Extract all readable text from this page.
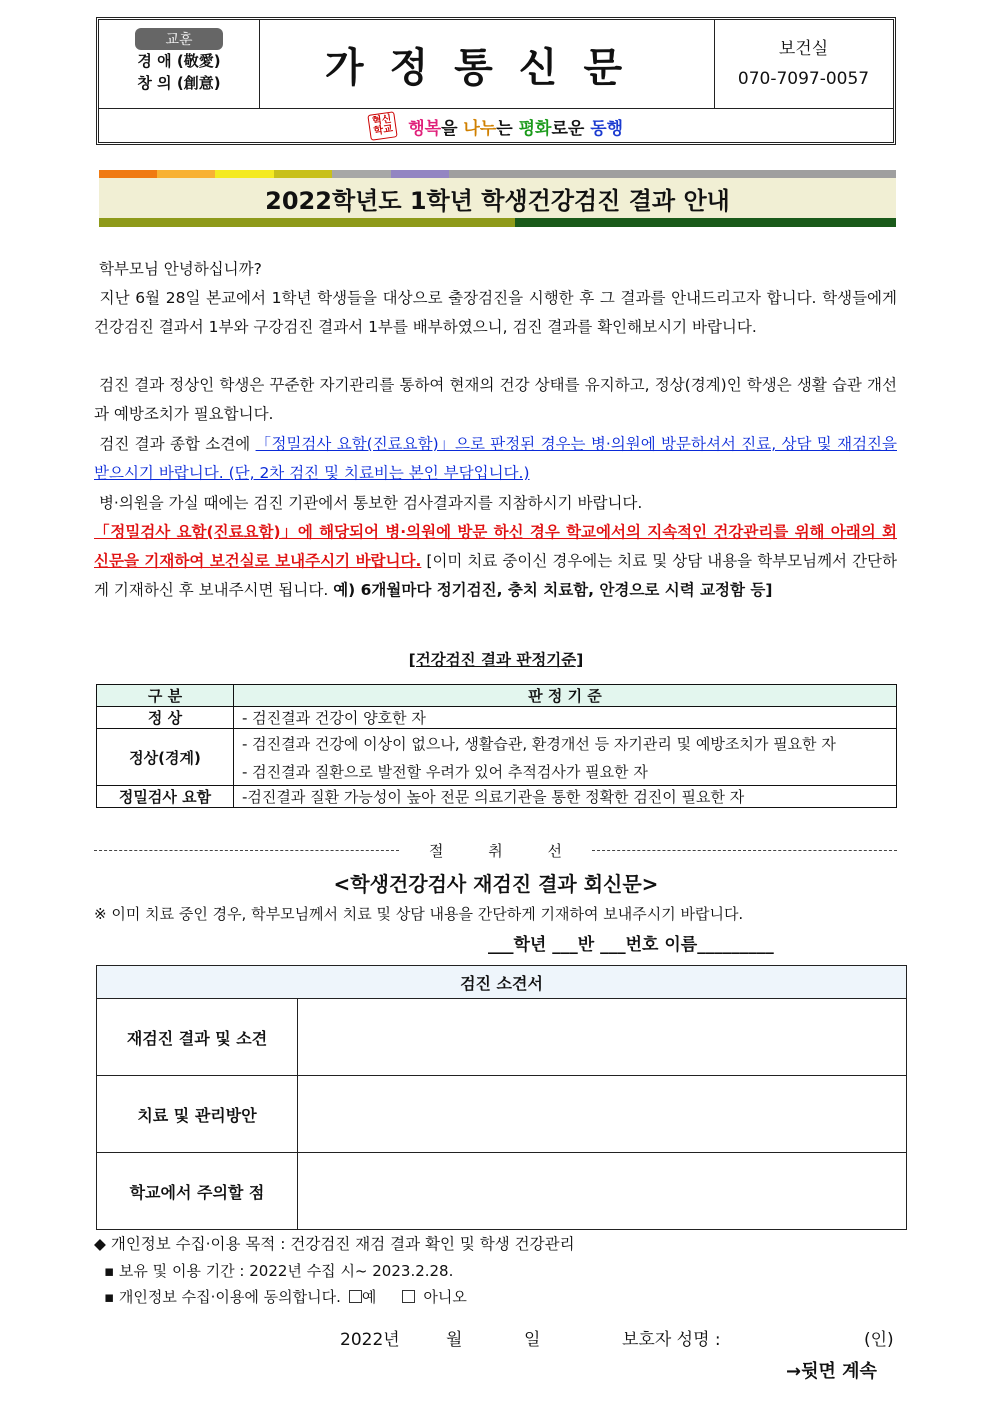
교훈
경 애 (敬愛)
창 의 (創意)	가정통신문	보건실
070-7097-0057
혁신
학교 행복을 나누는 평화로운 동행
2022학년도 1학년 학생건강검진 결과 안내
학부모님 안녕하십니까?
지난 6월 28일 본교에서 1학년 학생들을 대상으로 출장검진을 시행한 후 그 결과를 안내드리고자 합니다. 학생들에게 건강검진 결과서 1부와 구강검진 결과서 1부를 배부하였으니, 검진 결과를 확인해보시기 바랍니다.
검진 결과 정상인 학생은 꾸준한 자기관리를 통하여 현재의 건강 상태를 유지하고, 정상(경계)인 학생은 생활 습관 개선과 예방조치가 필요합니다.
검진 결과 종합 소견에 「정밀검사 요함(진료요함)」으로 판정된 경우는 병·의원에 방문하셔서 진료, 상담 및 재검진을 받으시기 바랍니다. (단, 2차 검진 및 치료비는 본인 부담입니다.)
병·의원을 가실 때에는 검진 기관에서 통보한 검사결과지를 지참하시기 바랍니다.
「정밀검사 요함(진료요함)」에 해당되어 병·의원에 방문 하신 경우 학교에서의 지속적인 건강관리를 위해 아래의 회신문을 기재하여 보건실로 보내주시기 바랍니다. [이미 치료 중이신 경우에는 치료 및 상담 내용을 학부모님께서 간단하게 기재하신 후 보내주시면 됩니다. 예) 6개월마다 정기검진, 충치 치료함, 안경으로 시력 교정함 등]
[건강검진 결과 판정기준]
구 분	판 정 기 준
정 상	- 검진결과 건강이 양호한 자
정상(경계)	- 검진결과 건강에 이상이 없으나, 생활습관, 환경개선 등 자기관리 및 예방조치가 필요한 자
- 검진결과 질환으로 발전할 우려가 있어 추적검사가 필요한 자

정밀검사 요함	-검진결과 질환 가능성이 높아 전문 의료기관을 통한 정확한 검진이 필요한 자
절 취 선
<학생건강검사 재검진 결과 회신문>
※ 이미 치료 중인 경우, 학부모님께서 치료 및 상담 내용을 간단하게 기재하여 보내주시기 바랍니다.
___학년 ___반 ___번호 이름_________
검진 소견서	
재검진 결과 및 소견	
치료 및 관리방안	
학교에서 주의할 점	
◆ 개인정보 수집·이용 목적 : 건강검진 재검 결과 확인 및 학생 건강관리
▪ 보유 및 이용 기간 : 2022년 수집 시~ 2023.2.28.
▪ 개인정보 수집·이용에 동의합니다. 예	아니오
2022년	월	일	보호자 성명 :	(인)
→뒷면 계속
